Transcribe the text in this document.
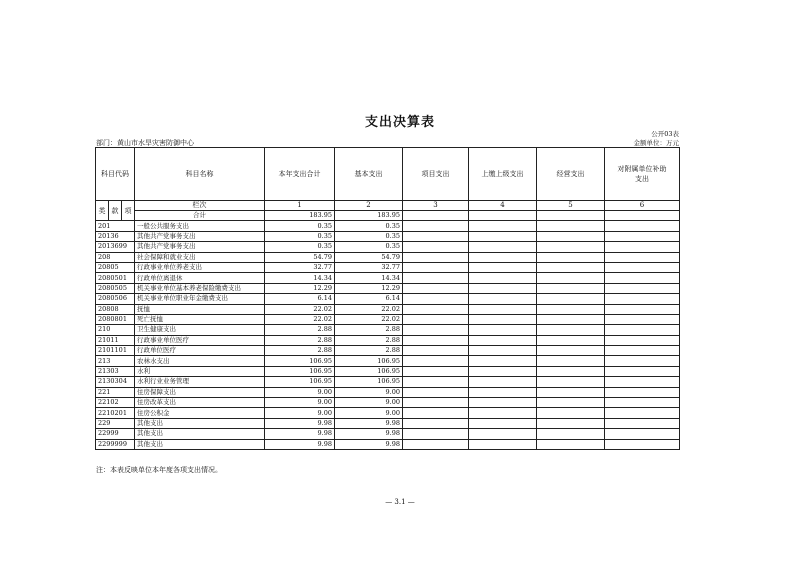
支出决算表
公开03表
部门：黄山市水旱灾害防御中心	金额单位：万元
科目代码			科目名称	本年支出合计	基本支出	项目支出	上缴上级支出	经营支出	对附属单位补助支出
类	款	项	栏次	1	2	3	4	5	6
			合计	183.95	183.95				
201			一般公共服务支出	0.35	0.35				
20136			其他共产党事务支出	0.35	0.35				
2013699			其他共产党事务支出	0.35	0.35				
208			社会保障和就业支出	54.79	54.79				
20805			行政事业单位养老支出	32.77	32.77				
2080501			行政单位离退休	14.34	14.34				
2080505			机关事业单位基本养老保险缴费支出	12.29	12.29				
2080506			机关事业单位职业年金缴费支出	6.14	6.14				
20808			抚恤	22.02	22.02				
2080801			死亡抚恤	22.02	22.02				
210			卫生健康支出	2.88	2.88				
21011			行政事业单位医疗	2.88	2.88				
2101101			行政单位医疗	2.88	2.88				
213			农林水支出	106.95	106.95				
21303			水利	106.95	106.95				
2130304			水利行业业务管理	106.95	106.95				
221			住房保障支出	9.00	9.00				
22102			住房改革支出	9.00	9.00				
2210201			住房公积金	9.00	9.00				
229			其他支出	9.98	9.98				
22999			其他支出	9.98	9.98				
2299999			其他支出	9.98	9.98				
注：本表反映单位本年度各项支出情况。
— 3.1 —
